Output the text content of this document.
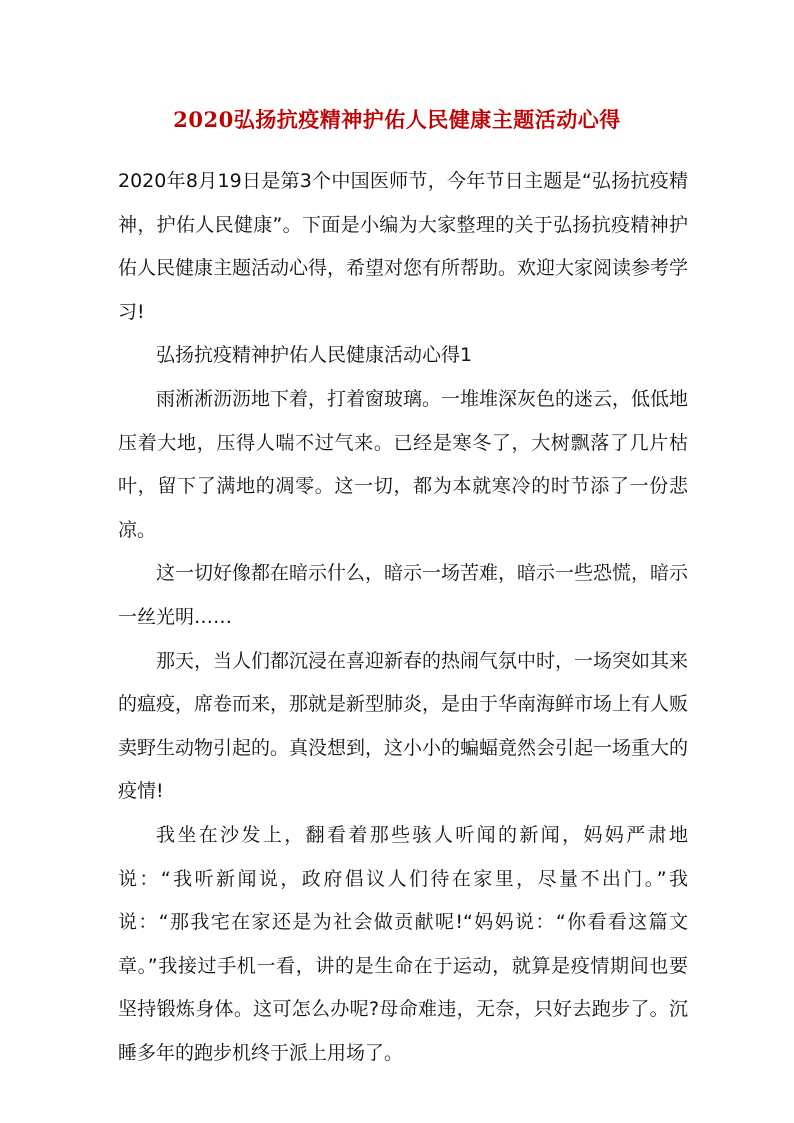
2020弘扬抗疫精神护佑人民健康主题活动心得

2020年8月19日是第3个中国医师节，今年节日主题是“弘扬抗疫精神，护佑人民健康”。下面是小编为大家整理的关于弘扬抗疫精神护佑人民健康主题活动心得，希望对您有所帮助。欢迎大家阅读参考学习!

弘扬抗疫精神护佑人民健康活动心得1

雨淅淅沥沥地下着，打着窗玻璃。一堆堆深灰色的迷云，低低地压着大地，压得人喘不过气来。已经是寒冬了，大树飘落了几片枯叶，留下了满地的凋零。这一切，都为本就寒冷的时节添了一份悲凉。

这一切好像都在暗示什么，暗示一场苦难，暗示一些恐慌，暗示一丝光明……

那天，当人们都沉浸在喜迎新春的热闹气氛中时，一场突如其来的瘟疫，席卷而来，那就是新型肺炎，是由于华南海鲜市场上有人贩卖野生动物引起的。真没想到，这小小的蝙蝠竟然会引起一场重大的疫情!

我坐在沙发上，翻看着那些骇人听闻的新闻，妈妈严肃地说：“我听新闻说，政府倡议人们待在家里，尽量不出门。”我说：“那我宅在家还是为社会做贡献呢!“妈妈说：“你看看这篇文章。”我接过手机一看，讲的是生命在于运动，就算是疫情期间也要坚持锻炼身体。这可怎么办呢?母命难违，无奈，只好去跑步了。沉睡多年的跑步机终于派上用场了。
